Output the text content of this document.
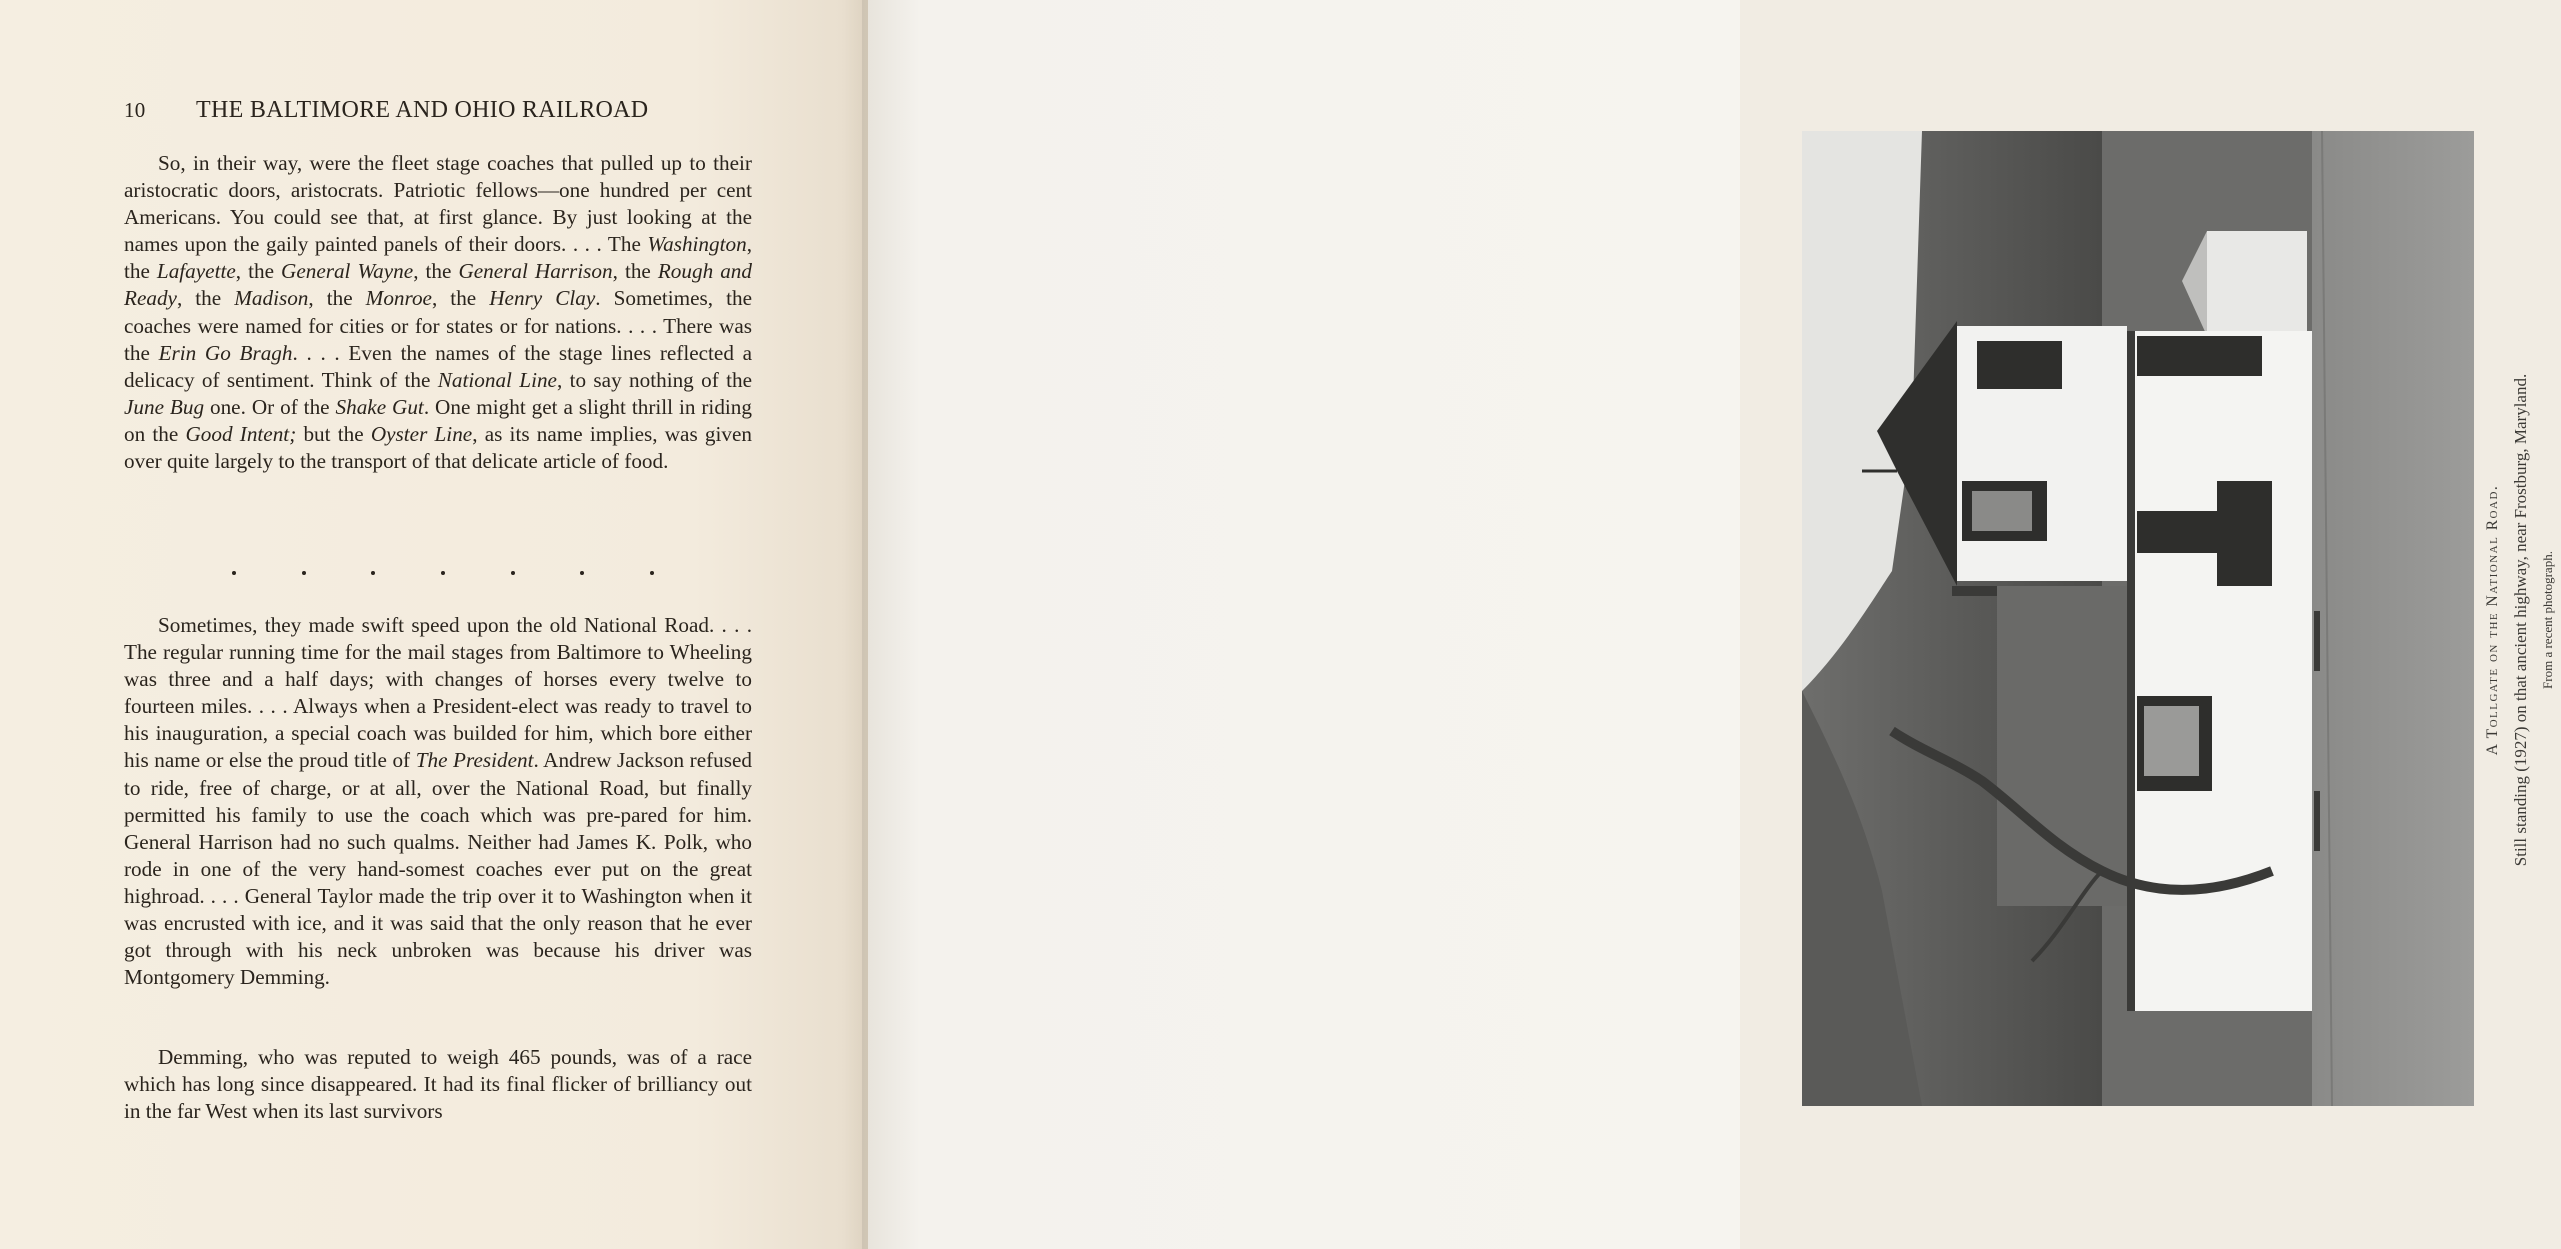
10 THE BALTIMORE AND OHIO RAILROAD

So, in their way, were the fleet stage coaches that pulled up to their aristocratic doors, aristocrats. Patriotic fellows—one hundred per cent Americans. You could see that, at first glance. By just looking at the names upon the gaily painted panels of their doors. . . . The Washington, the Lafayette, the General Wayne, the General Harrison, the Rough and Ready, the Madison, the Monroe, the Henry Clay. Sometimes, the coaches were named for cities or for states or for nations. . . . There was the Erin Go Bragh. . . . Even the names of the stage lines reflected a delicacy of sentiment. Think of the National Line, to say nothing of the June Bug one. Or of the Shake Gut. One might get a slight thrill in riding on the Good Intent; but the Oyster Line, as its name implies, was given over quite largely to the transport of that delicate article of food.

Sometimes, they made swift speed upon the old National Road. . . . The regular running time for the mail stages from Baltimore to Wheeling was three and a half days; with changes of horses every twelve to fourteen miles. . . . Always when a President-elect was ready to travel to his inauguration, a special coach was builded for him, which bore either his name or else the proud title of The President. Andrew Jackson refused to ride, free of charge, or at all, over the National Road, but finally permitted his family to use the coach which was pre-pared for him. General Harrison had no such qualms. Neither had James K. Polk, who rode in one of the very hand-somest coaches ever put on the great highroad. . . . General Taylor made the trip over it to Washington when it was encrusted with ice, and it was said that the only reason that he ever got through with his neck unbroken was because his driver was Montgomery Demming.

Demming, who was reputed to weigh 465 pounds, was of a race which has long since disappeared. It had its final flicker of brilliancy out in the far West when its last survivors

A Tollgate on the National Road. Still standing (1927) on that ancient highway, near Frostburg, Maryland. From a recent photograph.
